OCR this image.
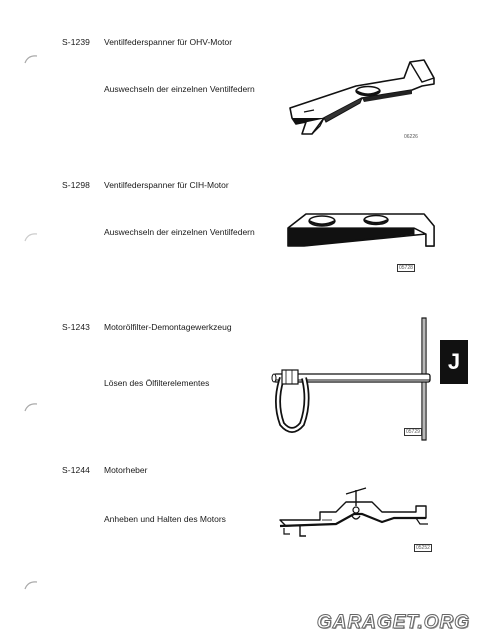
S-1239 Ventilfederspanner für OHV-Motor
Auswechseln der einzelnen Ventilfedern
06226
S-1298 Ventilfederspanner für CIH-Motor
Auswechseln der einzelnen Ventilfedern
05728
S-1243 Motorölfilter-Demontagewerkzeug
Lösen des Ölfilterelementes
05729
J
S-1244 Motorheber
Anheben und Halten des Motors
05252
GARAGET.ORG
